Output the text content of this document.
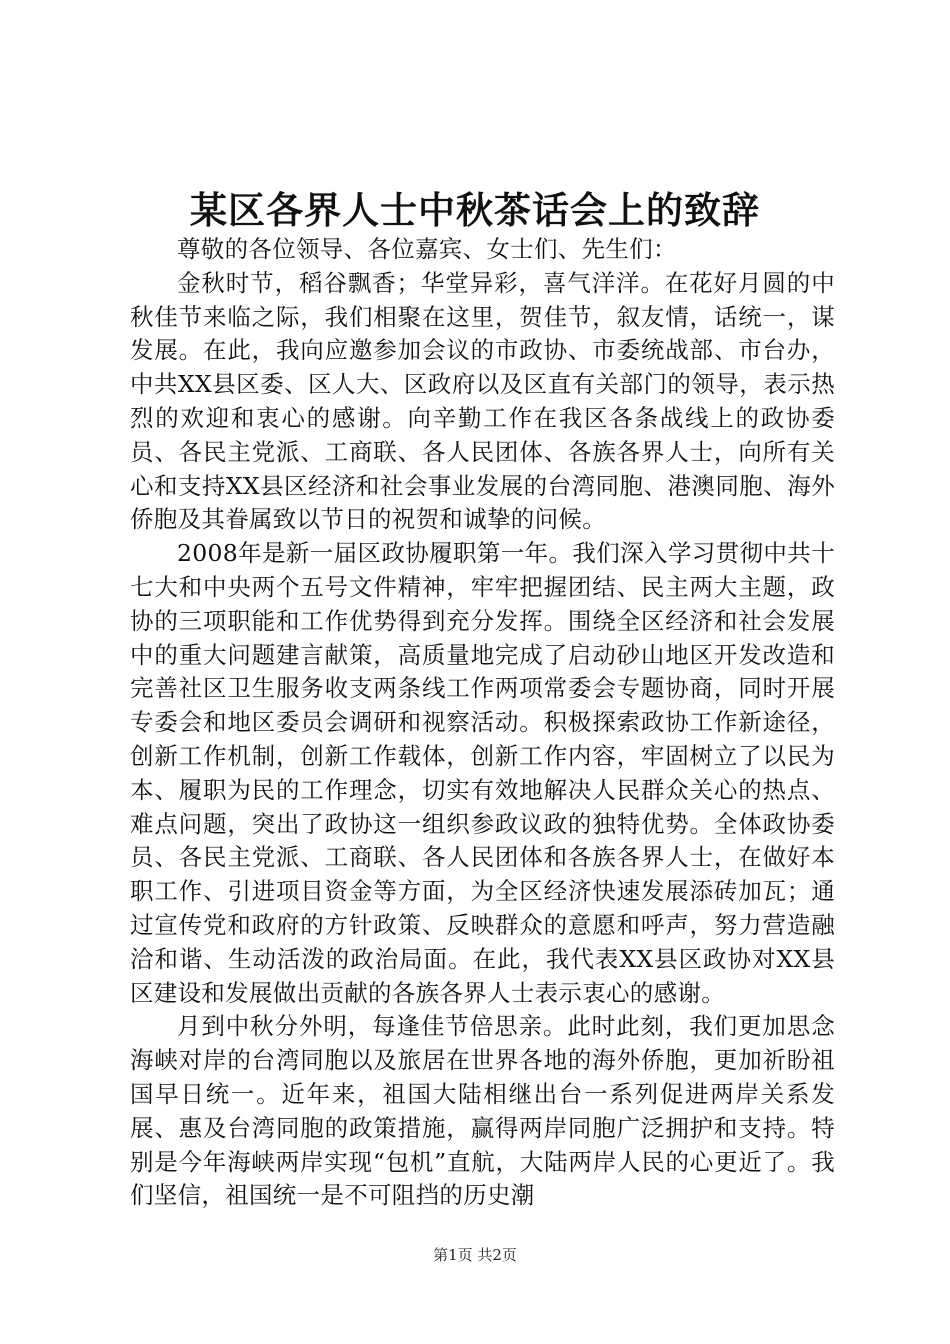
某区各界人士中秋茶话会上的致辞

尊敬的各位领导、各位嘉宾、女士们、先生们：

金秋时节，稻谷飘香；华堂异彩，喜气洋洋。在花好月圆的中秋佳节来临之际，我们相聚在这里，贺佳节，叙友情，话统一，谋发展。在此，我向应邀参加会议的市政协、市委统战部、市台办，中共XX县区委、区人大、区政府以及区直有关部门的领导，表示热烈的欢迎和衷心的感谢。向辛勤工作在我区各条战线上的政协委员、各民主党派、工商联、各人民团体、各族各界人士，向所有关心和支持XX县区经济和社会事业发展的台湾同胞、港澳同胞、海外侨胞及其眷属致以节日的祝贺和诚挚的问候。

2008年是新一届区政协履职第一年。我们深入学习贯彻中共十七大和中央两个五号文件精神，牢牢把握团结、民主两大主题，政协的三项职能和工作优势得到充分发挥。围绕全区经济和社会发展中的重大问题建言献策，高质量地完成了启动砂山地区开发改造和完善社区卫生服务收支两条线工作两项常委会专题协商，同时开展专委会和地区委员会调研和视察活动。积极探索政协工作新途径，创新工作机制，创新工作载体，创新工作内容，牢固树立了以民为本、履职为民的工作理念，切实有效地解决人民群众关心的热点、难点问题，突出了政协这一组织参政议政的独特优势。全体政协委员、各民主党派、工商联、各人民团体和各族各界人士，在做好本职工作、引进项目资金等方面，为全区经济快速发展添砖加瓦；通过宣传党和政府的方针政策、反映群众的意愿和呼声，努力营造融洽和谐、生动活泼的政治局面。在此，我代表XX县区政协对XX县区建设和发展做出贡献的各族各界人士表示衷心的感谢。

月到中秋分外明，每逢佳节倍思亲。此时此刻，我们更加思念海峡对岸的台湾同胞以及旅居在世界各地的海外侨胞，更加祈盼祖国早日统一。近年来，祖国大陆相继出台一系列促进两岸关系发展、惠及台湾同胞的政策措施，赢得两岸同胞广泛拥护和支持。特别是今年海峡两岸实现“包机”直航，大陆两岸人民的心更近了。我们坚信，祖国统一是不可阻挡的历史潮

第1页 共2页
